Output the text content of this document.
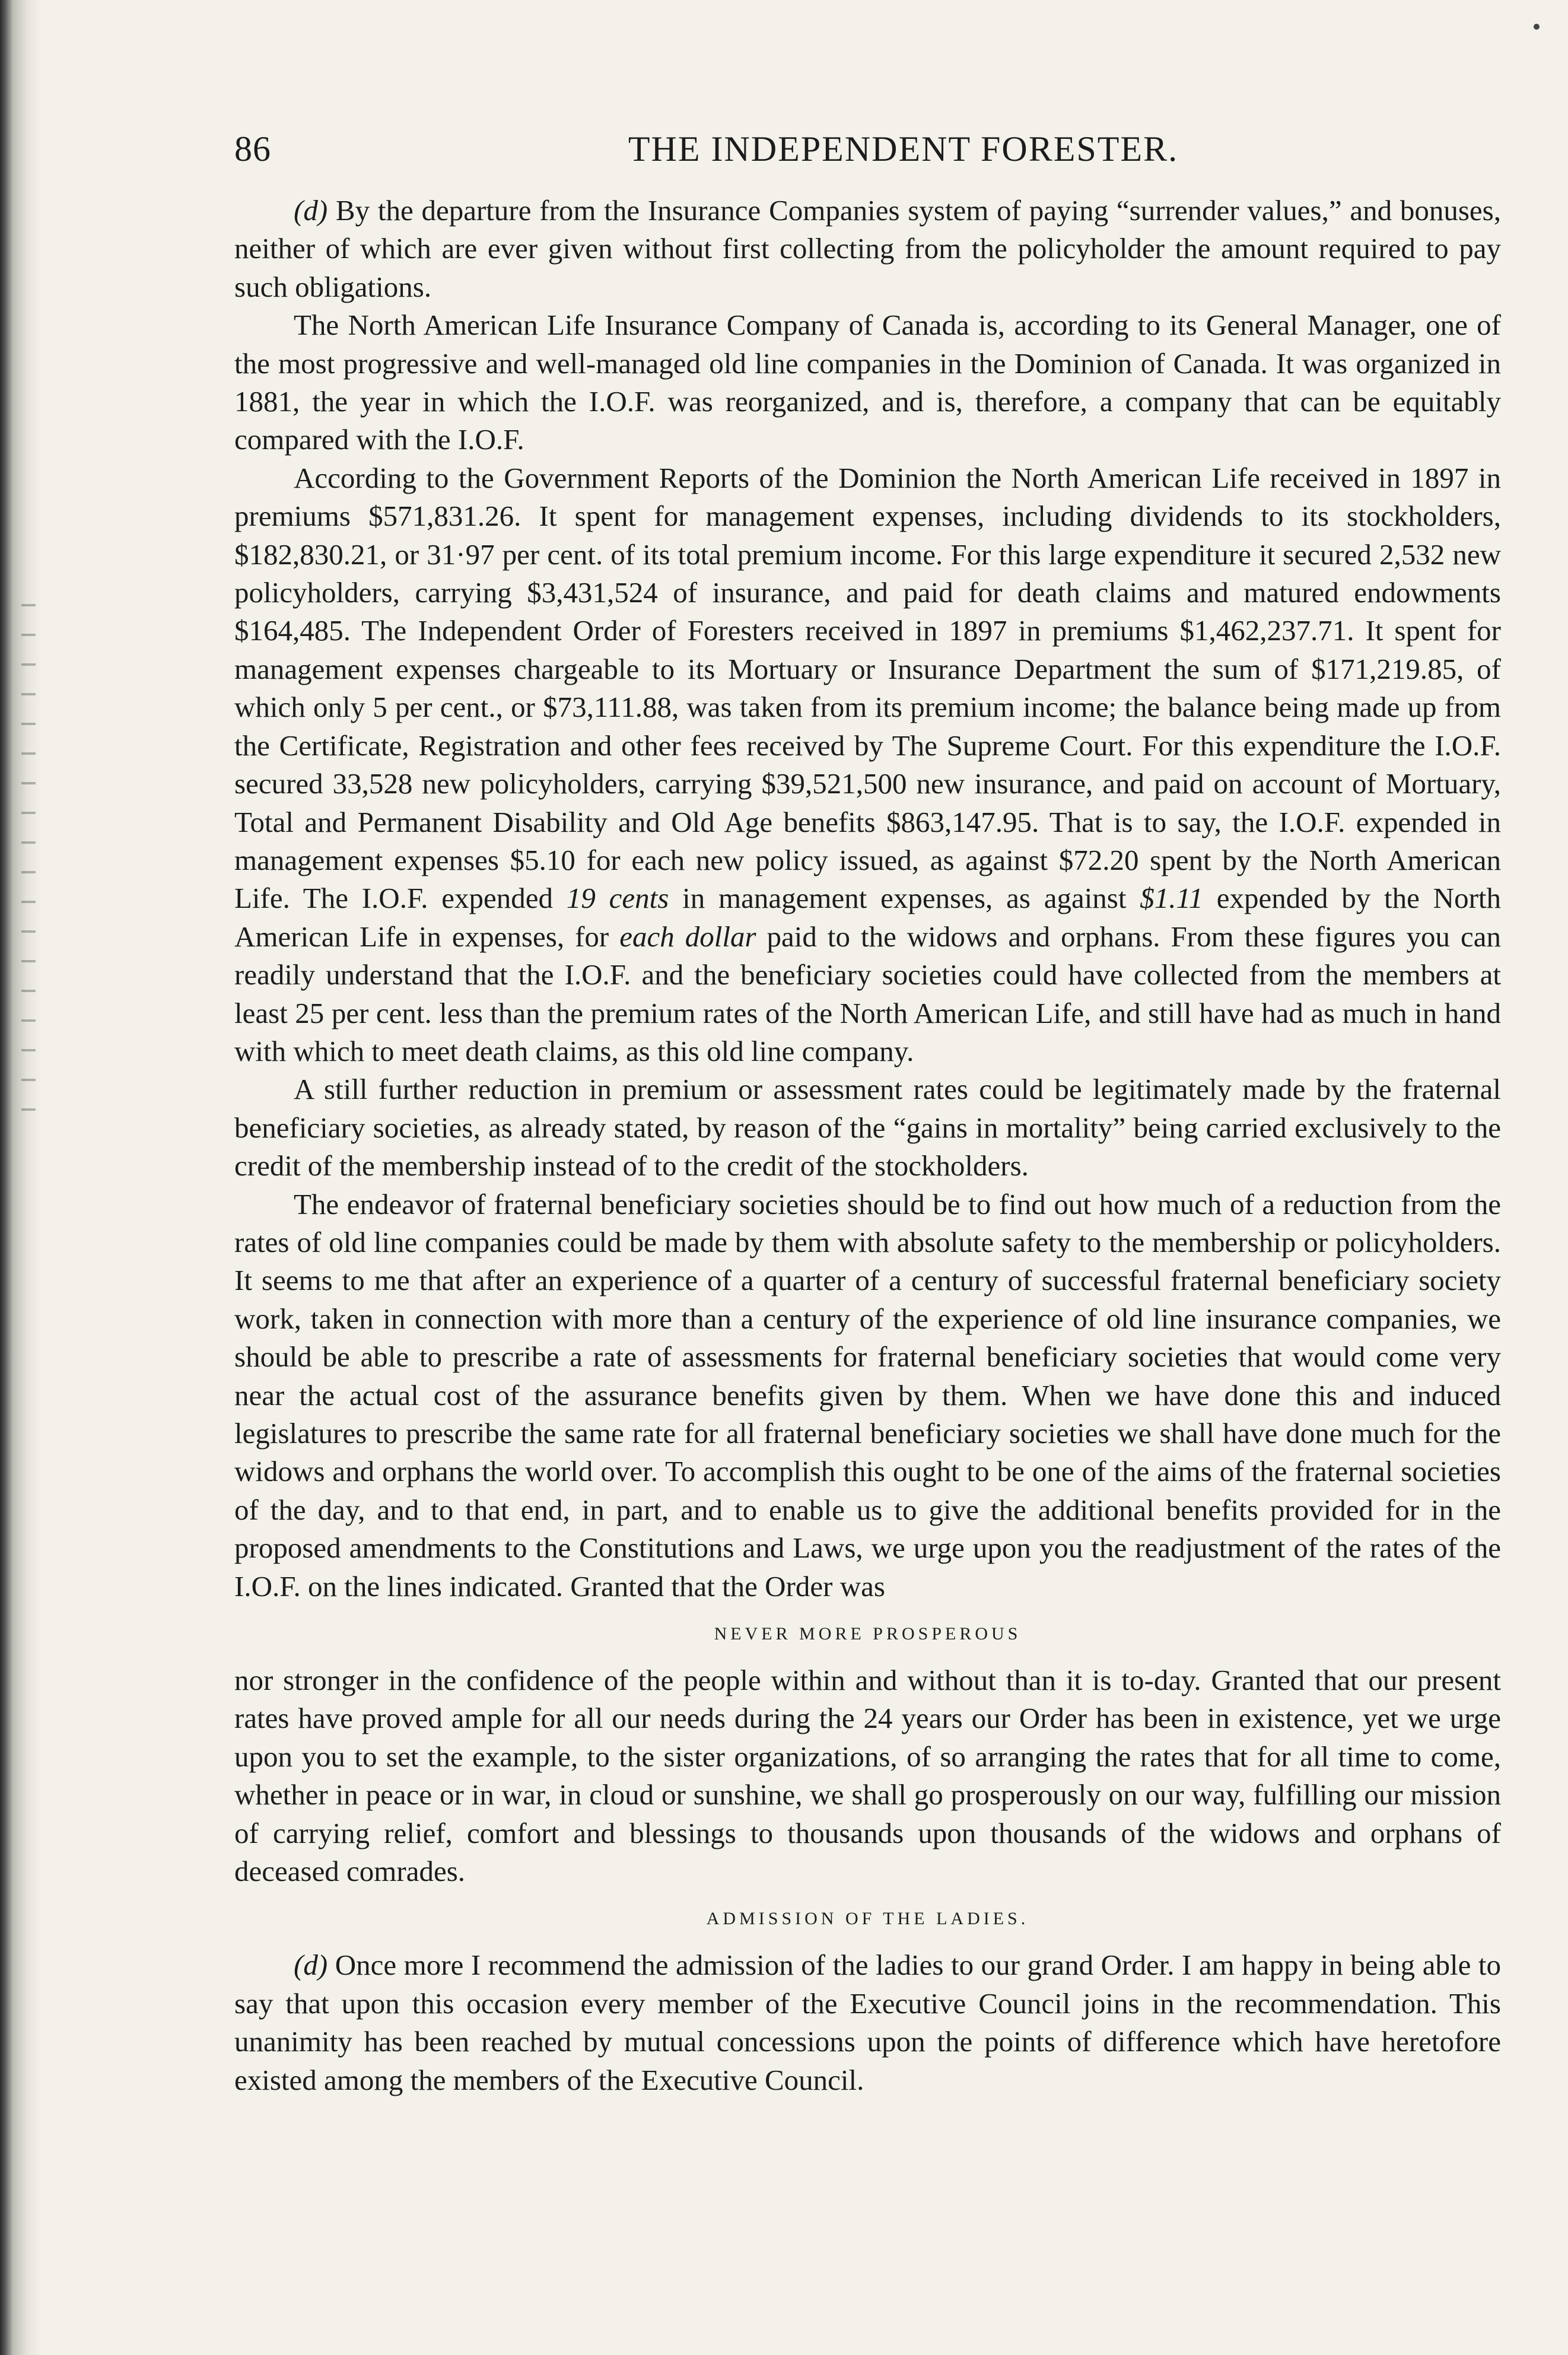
86	THE INDEPENDENT FORESTER.

(d) By the departure from the Insurance Companies system of paying “surrender values,” and bonuses, neither of which are ever given without first collecting from the policyholder the amount required to pay such obligations.

The North American Life Insurance Company of Canada is, according to its General Manager, one of the most progressive and well-managed old line companies in the Dominion of Canada. It was organized in 1881, the year in which the I.O.F. was reorganized, and is, therefore, a company that can be equitably compared with the I.O.F.

According to the Government Reports of the Dominion the North American Life received in 1897 in premiums $571,831.26. It spent for management expenses, including dividends to its stockholders, $182,830.21, or 31·97 per cent. of its total premium income. For this large expenditure it secured 2,532 new policyholders, carrying $3,431,524 of insurance, and paid for death claims and matured endowments $164,485. The Independent Order of Foresters received in 1897 in premiums $1,462,237.71. It spent for management expenses chargeable to its Mortuary or Insurance Department the sum of $171,219.85, of which only 5 per cent., or $73,111.88, was taken from its premium income; the balance being made up from the Certificate, Registration and other fees received by The Supreme Court. For this expenditure the I.O.F. secured 33,528 new policyholders, carrying $39,521,500 new insurance, and paid on account of Mortuary, Total and Permanent Disability and Old Age benefits $863,147.95. That is to say, the I.O.F. expended in management expenses $5.10 for each new policy issued, as against $72.20 spent by the North American Life. The I.O.F. expended 19 cents in management expenses, as against $1.11 expended by the North American Life in expenses, for each dollar paid to the widows and orphans. From these figures you can readily understand that the I.O.F. and the beneficiary societies could have collected from the members at least 25 per cent. less than the premium rates of the North American Life, and still have had as much in hand with which to meet death claims, as this old line company.

A still further reduction in premium or assessment rates could be legitimately made by the fraternal beneficiary societies, as already stated, by reason of the “gains in mortality” being carried exclusively to the credit of the membership instead of to the credit of the stockholders.

The endeavor of fraternal beneficiary societies should be to find out how much of a reduction from the rates of old line companies could be made by them with absolute safety to the membership or policyholders. It seems to me that after an experience of a quarter of a century of successful fraternal beneficiary society work, taken in connection with more than a century of the experience of old line insurance companies, we should be able to prescribe a rate of assessments for fraternal beneficiary societies that would come very near the actual cost of the assurance benefits given by them. When we have done this and induced legislatures to prescribe the same rate for all fraternal beneficiary societies we shall have done much for the widows and orphans the world over. To accomplish this ought to be one of the aims of the fraternal societies of the day, and to that end, in part, and to enable us to give the additional benefits provided for in the proposed amendments to the Constitutions and Laws, we urge upon you the readjustment of the rates of the I.O.F. on the lines indicated. Granted that the Order was

NEVER MORE PROSPEROUS

nor stronger in the confidence of the people within and without than it is to-day. Granted that our present rates have proved ample for all our needs during the 24 years our Order has been in existence, yet we urge upon you to set the example, to the sister organizations, of so arranging the rates that for all time to come, whether in peace or in war, in cloud or sunshine, we shall go prosperously on our way, fulfilling our mission of carrying relief, comfort and blessings to thousands upon thousands of the widows and orphans of deceased comrades.

ADMISSION OF THE LADIES.

(d) Once more I recommend the admission of the ladies to our grand Order. I am happy in being able to say that upon this occasion every member of the Executive Council joins in the recommendation. This unanimity has been reached by mutual concessions upon the points of difference which have heretofore existed among the members of the Executive Council.
